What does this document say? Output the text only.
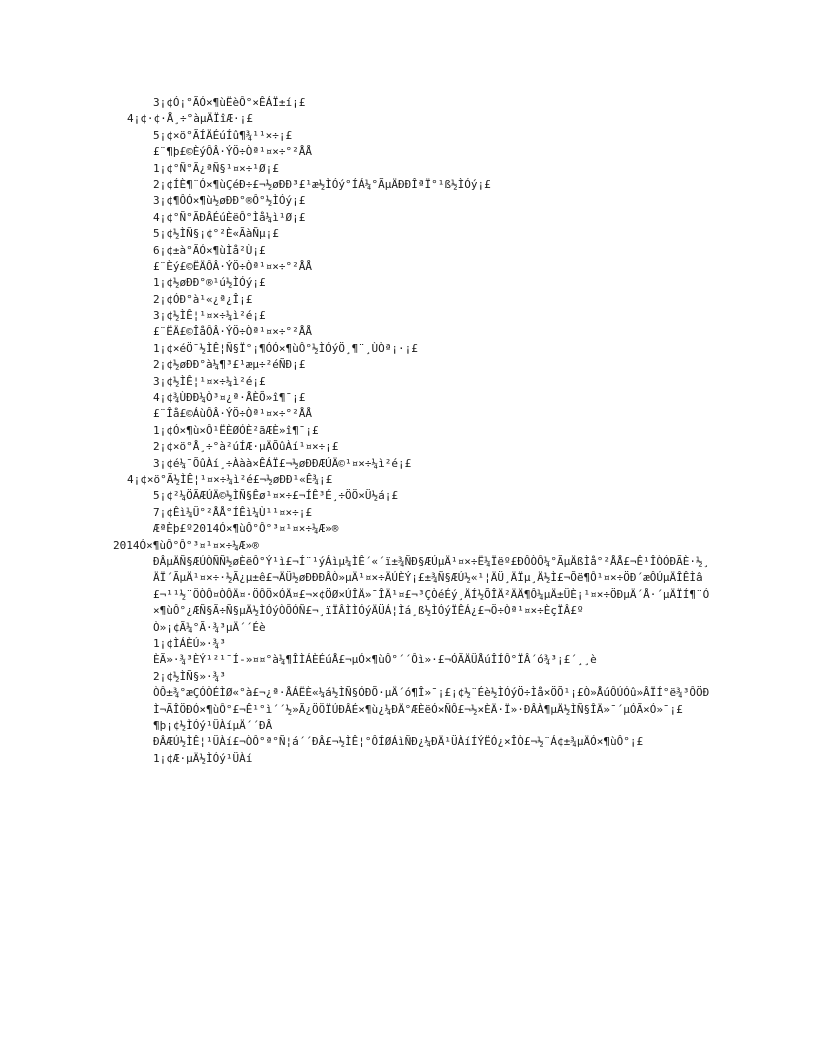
3¡¢Ó¡°ÃÓ×¶ùËèÔ°×ÊÁÏ±í¡£
4¡¢·¢·Å¸÷°àµÄÏîÆ·¡£
5¡¢×ö°ÃÍÄÉúÍû¶¾¹¹×÷¡£
£¨¶þ£©ÈýÔÂ·ÝÖ÷Òª¹¤×÷°²ÅÅ
1¡¢°Ñ°Ã¿ªÑ§¹¤×÷¹Ø¡£
2¡¢ÍÈ¶¨Ó×¶ùÇéÐ÷£¬½øÐÐ³£¹æ½ÌÓý°ÍÁ¼°ÃµÄÐÐÎªÏ°¹ß½ÌÓý¡£
3¡¢¶ÔÓ×¶ù½øÐÐ°®Ô°½ÌÓý¡£
4¡¢°Ñ°ÃÐÂÉúÈëÔ°Ìå¼ì¹Ø¡£
5¡¢½ÌÑ§¡¢°²È«ÃàÑµ¡£
6¡¢±à°ÃÓ×¶ùÌå²Ù¡£
£¨Èý£©ËÄÔÂ·ÝÖ÷Òª¹¤×÷°²ÅÅ
1¡¢½øÐÐ°®¹ú½ÌÓý¡£
2¡¢ÓÐ°à¹«¿ª¿Î¡£
3¡¢½ÌÊ¦¹¤×÷¼ì²é¡£
£¨ËÄ£©ÎåÔÂ·ÝÖ÷Òª¹¤×÷°²ÅÅ
1¡¢×éÖ¯½ÌÊ¦Ñ§Ï°¡¶ÓÓ×¶ùÔ°½ÌÓýÖ¸¶¨¸ÙÒª¡·¡£
2¡¢½øÐÐ°à¼¶³£¹æµ÷²éÑÐ¡£
3¡¢½ÌÊ¦¹¤×÷¼ì²é¡£
4¡¢¾ÙÐÐ¼Ò³¤¿ª·ÅÈÕ»î¶¯¡£
£¨Îå£©ÁùÔÂ·ÝÖ÷Òª¹¤×÷°²ÅÅ
1¡¢Ó×¶ù×Ô¹ËÈØÓÈ²ãÆÈ»î¶¯¡£
2¡¢×ö°Å¸÷°à²úÍÆ·µÄÕûÀí¹¤×÷¡£
3¡¢é¼¯ÕûÀí¸÷Ààà×ÊÁÏ£¬½øÐÐÆÚÄ©¹¤×÷¼ì²é¡£
4¡¢×ö°Ã½ÌÊ¦¹¤×÷¼ì²é£¬½øÐÐ¹«Ê¾¡£
5¡¢²¼ÖÃÆÚÄ©½ÌÑ§Êø¹¤×÷£¬ÍÊ³É¸÷ÖÖ×Ü½á¡£
7¡¢Êì¼Ü°²ÅÅ°ÍÊì¼Ù¹¹¤×÷¡£
ÆªÈþ£º2014Ó×¶ùÔ°Ô°³¤¹¤×÷¼Æ»®
2014Ó×¶ùÔ°Ô°³¤¹¤×÷¼Æ»®
ÐÂµÄÑ§ÆÚÒÑÑ½øÈëÔ°Ý¹ì£¬Í¨¹ýÁìµ¼ÌÊ´«´ï±¾ÑÐ§ÆÚµÄ¹¤×÷Ë¼Ïëº£ÐÔÒÔ¼°ÃµÄßÌå°²ÅÅ£¬Ê¹ÎÒÓÐÃÈ·½¸ÄÏ´ÃµÄ¹¤×÷·½Ã¿µ±ê£¬ÄÜ½øÐÐÐÂÒ»µÄ¹¤×÷ÄÚÈÝ¡£±¾Ñ§ÆÚ½«¹¦ÄÜ¸ÄÏµ¸Ä½Ì£¬Õë¶Ô¹¤×÷ÖÐ´æÔÚµÄÎÊÌâ£¬¹¹½¨ÖÒÔ¤ÒÔÄ¤·ÖÔÖ×ÓÄ¤£¬×¢ÖØ×ÚÎÄ»¯ÎÄ¹¤£¬³ÇÒéÉý¸ÄÍ½ÕÎÄ²ÄÄ¶Ô¼µÄ±ÜÈ¡¹¤×÷ÖÐµÄ´Å·´µÄÏÍ¶¨Ó×¶ùÔ°¿ÆÑ§Ã÷Ñ§µÄ½ÌÓýÒÕÓÑ£¬¸ïÏÂÌÌÓýÄÜÁ¦Ìá¸ß½ÌÓýÏÊÁ¿£¬Ö÷Òª¹¤×÷ÈçÏÂ£º
Ò»¡¢Ã¼°Ã·¾³µÄ´´Éè
1¡¢ÌÁÈÚ»·¾³
ÈÃ»·¾³ÈÝ¹²¹¯Í-»¤¤°à¼¶ÎÌÁÈÉúÅ£¬µÓ×¶ùÔ°´´Ôì»·£¬ÓÃÄÜÅúÎÍÔ°ÏÂ´ó¾³¡£´¸¸è
2¡¢½ÌÑ§»·¾³
ÒÔ±¾°æÇÓÒÉÌØ«°à£¬¿ª·ÅÁËÈ«¼á½ÌÑ§ÓÐÕ·µÄ´ó¶Î»¯¡£¡¢½¨Éè½ÌÓýÖ÷Ìå×ÖÕ¹¡£Ò»ÅúÔÚÓû»ÂÏÍ°ë¾³ÔÖÐÌ¬ÃÎÖÐÓ×¶ùÔ°£¬Ê¹°ì´´½»Ã¿ÖÖÏÚÐÂÉ×¶ù¿¼ÐÄ°ÆÈëÓ×ÑÔ£¬½×ÈÄ·Ï»·ÐÂÀ¶µÄ½ÌÑ§ÎÄ»¯´µÓÃ×Ó»¯¡£
¶þ¡¢½ÌÓý¹ÜÀíµÄ´´ÐÂ
ÐÂÆÚ½ÌÊ¦¹ÜÀí£¬ÒÔ°ª°Ñ¦á´´ÐÂ£¬½ÌÊ¦°ÔÍØÁìÑÐ¿¼ÐÄ¹ÜÀíÍÝËÓ¿×ÎÒ£¬½¨Á¢±¾µÄÓ×¶ùÔ°¡£
1¡¢Æ·µÄ½ÌÓý¹ÜÀí
